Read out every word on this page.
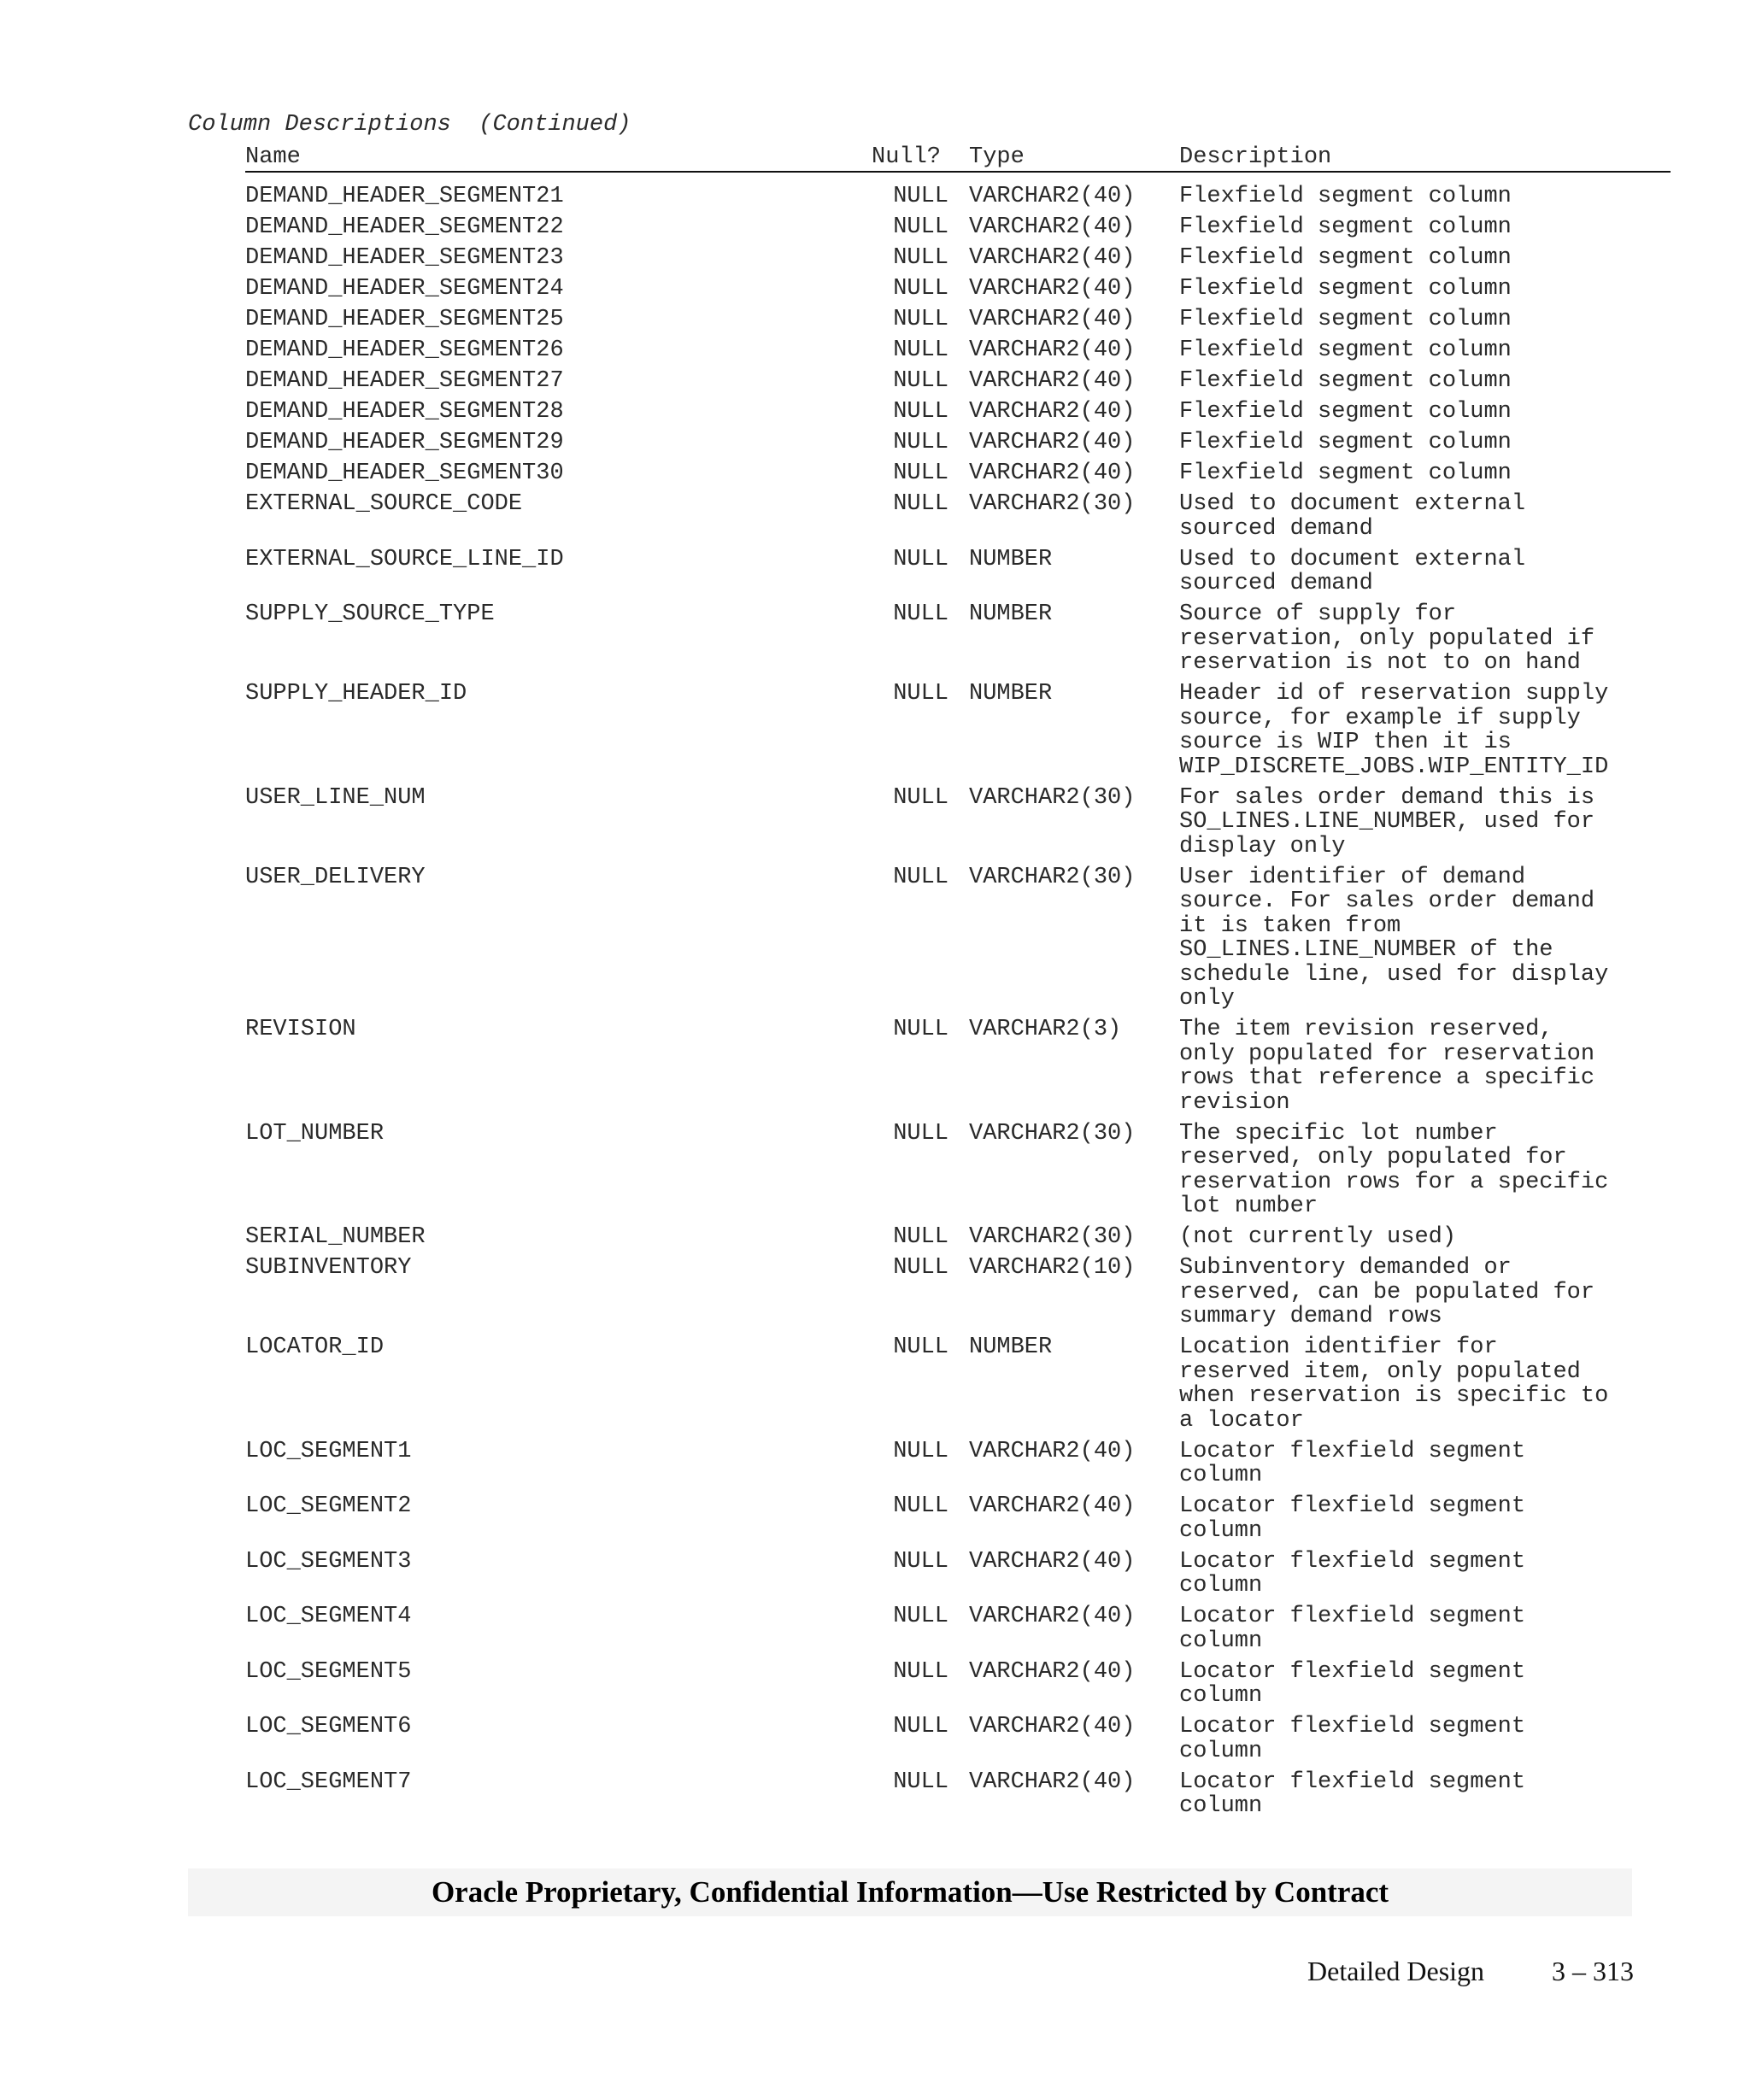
Column Descriptions  (Continued)
Name	Null? Type	Description
DEMAND_HEADER_SEGMENT21	NULL VARCHAR2(40) Flexfield segment column
DEMAND_HEADER_SEGMENT22	NULL VARCHAR2(40) Flexfield segment column
DEMAND_HEADER_SEGMENT23	NULL VARCHAR2(40) Flexfield segment column
DEMAND_HEADER_SEGMENT24	NULL VARCHAR2(40) Flexfield segment column
DEMAND_HEADER_SEGMENT25	NULL VARCHAR2(40) Flexfield segment column
DEMAND_HEADER_SEGMENT26	NULL VARCHAR2(40) Flexfield segment column
DEMAND_HEADER_SEGMENT27	NULL VARCHAR2(40) Flexfield segment column
DEMAND_HEADER_SEGMENT28	NULL VARCHAR2(40) Flexfield segment column
DEMAND_HEADER_SEGMENT29	NULL VARCHAR2(40) Flexfield segment column
DEMAND_HEADER_SEGMENT30	NULL VARCHAR2(40) Flexfield segment column
EXTERNAL_SOURCE_CODE	NULL VARCHAR2(30) Used to document external
sourced demand
EXTERNAL_SOURCE_LINE_ID	NULL NUMBER	Used to document external
sourced demand
SUPPLY_SOURCE_TYPE	NULL NUMBER	Source of supply for
reservation, only populated if
reservation is not to on hand
SUPPLY_HEADER_ID	NULL NUMBER	Header id of reservation supply
source, for example if supply
source is WIP then it is
WIP_DISCRETE_JOBS.WIP_ENTITY_ID
USER_LINE_NUM	NULL VARCHAR2(30) For sales order demand this is
SO_LINES.LINE_NUMBER, used for
display only
USER_DELIVERY	NULL VARCHAR2(30) User identifier of demand
source. For sales order demand
it is taken from
SO_LINES.LINE_NUMBER of the
schedule line, used for display
only
REVISION	NULL VARCHAR2(3)	The item revision reserved,
only populated for reservation
rows that reference a specific
revision
LOT_NUMBER	NULL VARCHAR2(30) The specific lot number
reserved, only populated for
reservation rows for a specific
lot number
SERIAL_NUMBER	NULL VARCHAR2(30) (not currently used)
SUBINVENTORY	NULL VARCHAR2(10) Subinventory demanded or
reserved, can be populated for
summary demand rows
LOCATOR_ID	NULL NUMBER	Location identifier for
reserved item, only populated
when reservation is specific to
a locator
LOC_SEGMENT1	NULL VARCHAR2(40) Locator flexfield segment
column
LOC_SEGMENT2	NULL VARCHAR2(40) Locator flexfield segment
column
LOC_SEGMENT3	NULL VARCHAR2(40) Locator flexfield segment
column
LOC_SEGMENT4	NULL VARCHAR2(40) Locator flexfield segment
column
LOC_SEGMENT5	NULL VARCHAR2(40) Locator flexfield segment
column
LOC_SEGMENT6	NULL VARCHAR2(40) Locator flexfield segment
column
LOC_SEGMENT7	NULL VARCHAR2(40) Locator flexfield segment
column
Oracle Proprietary, Confidential Information––Use Restricted by Contract
Detailed Design 3 – 313
